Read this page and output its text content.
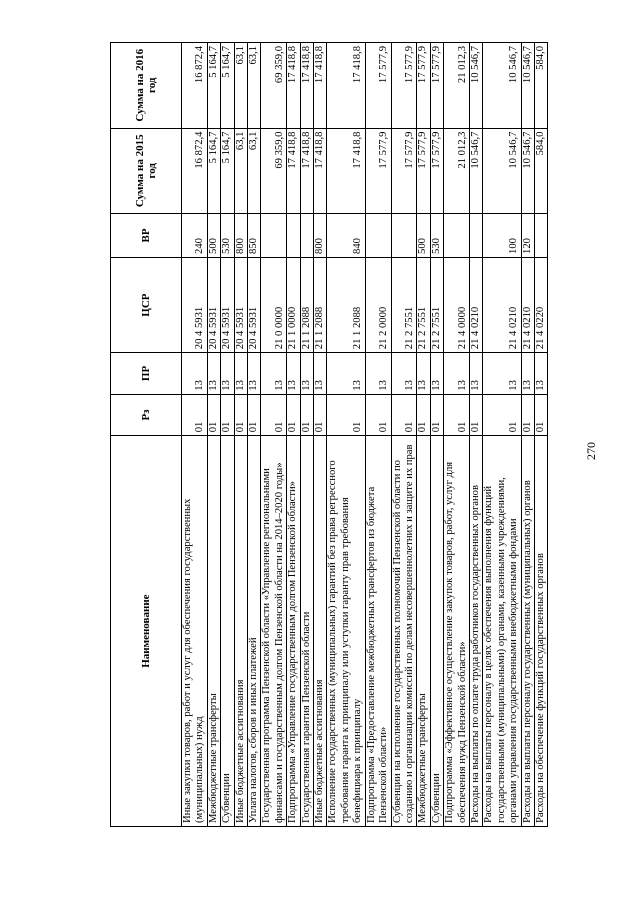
270
Наименование	Рз	ПР	ЦСР	ВР	Сумма на 2015 год	Сумма на 2016 год
Иные закупки товаров, работ и услуг для обеспечения государственных (муниципальных) нужд	01	13	20 4 5931	240	16 872,4	16 872,4
Межбюджетные трансферты	01	13	20 4 5931	500	5 164,7	5 164,7
Субвенции	01	13	20 4 5931	530	5 164,7	5 164,7
Иные бюджетные ассигнования	01	13	20 4 5931	800	63,1	63,1
Уплата налогов, сборов и иных платежей	01	13	20 4 5931	850	63,1	63,1
Государственная программа Пензенской области «Управление региональными финансами и государственным долгом Пензенской области на 2014–2020 годы»	01	13	21 0 0000		69 359,0	69 359,0
Подпрограмма «Управление государственным долгом Пензенской области»	01	13	21 1 0000		17 418,8	17 418,8
Государственная гарантия Пензенской области	01	13	21 1 2088		17 418,8	17 418,8
Иные бюджетные ассигнования	01	13	21 1 2088	800	17 418,8	17 418,8
Исполнение государственных (муниципальных) гарантий без права регрессного требования гаранта к принципалу или уступки гаранту прав требования бенефициара к принципалу	01	13	21 1 2088	840	17 418,8	17 418,8
Подпрограмма «Предоставление межбюджетных трансфертов из бюджета Пензенской области»	01	13	21 2 0000		17 577,9	17 577,9
Субвенции на исполнение государственных полномочий Пензенской области по созданию и организации комиссий по делам несовершеннолетних и защите их прав	01	13	21 2 7551		17 577,9	17 577,9
Межбюджетные трансферты	01	13	21 2 7551	500	17 577,9	17 577,9
Субвенции	01	13	21 2 7551	530	17 577,9	17 577,9
Подпрограмма «Эффективное осуществление закупок товаров, работ, услуг для обеспечения нужд Пензенской области»	01	13	21 4 0000		21 012,3	21 012,3
Расходы на выплаты по оплате труда работников государственных органов	01	13	21 4 0210		10 546,7	10 546,7
Расходы на выплаты персоналу в целях обеспечения выполнения функций государственными (муниципальными) органами, казенными учреждениями, органами управления государственными внебюджетными фондами	01	13	21 4 0210	100	10 546,7	10 546,7
Расходы на выплаты персоналу государственных (муниципальных) органов	01	13	21 4 0210	120	10 546,7	10 546,7
Расходы на обеспечение функций государственных органов	01	13	21 4 0220		584,0	584,0
